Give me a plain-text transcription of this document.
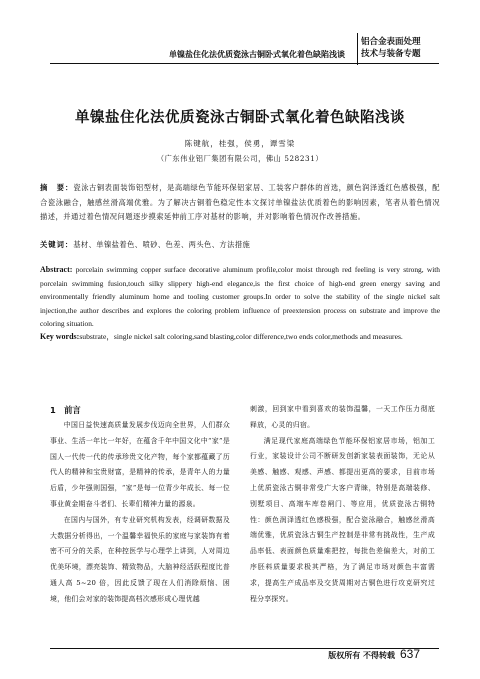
铝合金表面处理
技术与装备专题
单镍盐住化法优质瓷泳古铜卧式氧化着色缺陷浅谈
单镍盐住化法优质瓷泳古铜卧式氧化着色缺陷浅谈
陈键航，桂强，侯勇，谭雪梁
（广东伟业铝厂集团有限公司，佛山 528231）
摘　要：瓷泳古铜表面装饰铝型材，是高端绿色节能环保铝家居、工装客户群体的首选，颜色润泽透红色感极强，配合瓷泳融合，触感丝滑高端优雅。为了解决古铜着色稳定性本文探讨单镍盐法优质着色的影响因素，笔者从着色情况描述，并通过着色情况问题逐步摸索延伸前工序对基材的影响，并对影响着色情况作改善措施。
关键词：基材、单镍盐着色、喷砂、色差、两头色、方法措施
Abstract: porcelain swimming copper surface decorative aluminum profile,color moist through red feeling is very strong, with porcelain swimming fusion,touch silky slippery high-end elegance,is the first choice of high-end green energy saving and environmentally friendly aluminum home and tooling customer groups.In order to solve the stability of the single nickel salt injection,the author describes and explores the coloring problem influence of preextension process on substrate and improve the coloring situation.
Key words:substrate，single nickel salt coloring,sand blasting,color difference,two ends color,methods and measures.
1　前言

中国日益快速高质量发展步伐迈向全世界，人们群众事业、生活一年比一年好，在蕴含千年中国文化中“家”是国人一代传一代的传承珍贵文化产物，每个家都蕴藏了历代人的精神和宝贵财富，是精神的传承，是青年人的力量后盾，少年强则国强，“家”是每一位青少年成长、每一位事业黄金期奋斗者们、长辈们精神力量的源泉。

在国内与国外，有专业研究机构发表，经调研数据及大数据分析得出，一个温馨幸福快乐的家庭与家装饰有着密不可分的关系，在种控医学与心理学上讲到，人对周边优美环境，漂亮装饰、精致物品，大脑神经活跃程度比普通人高 5~20 倍，因此反馈了现在人们消除烦恼、困境，他们会对家的装饰提高档次感形成心理优越

刺激，回到家中看到喜欢的装饰温馨，一天工作压力彻底释放，心灵的归宿。

满足现代家庭高端绿色节能环保铝家居市场，铝加工行业，家装设计公司不断研发创新家装表面装饰，无论从美感、触感、观感、声感、都提出更高的要求，目前市场上优质瓷泳古铜非常受广大客户青睐，特别是高端装修、别墅项目、高端车库卷闸门、等应用，优质瓷泳古铜特性：颜色润泽透红色感极强，配合瓷泳融合，触感丝滑高端优雅，优质瓷泳古铜生产控制是非常有挑战性，生产成品率低、表面颜色质量难把控，每批色差偏差大，对前工序胚料质量要求极其严格，为了满足市场对颜色丰富需求，提高生产成品率及交货周期对古铜色进行攻克研究过程分享探究。

版权所有 不得转载 637
